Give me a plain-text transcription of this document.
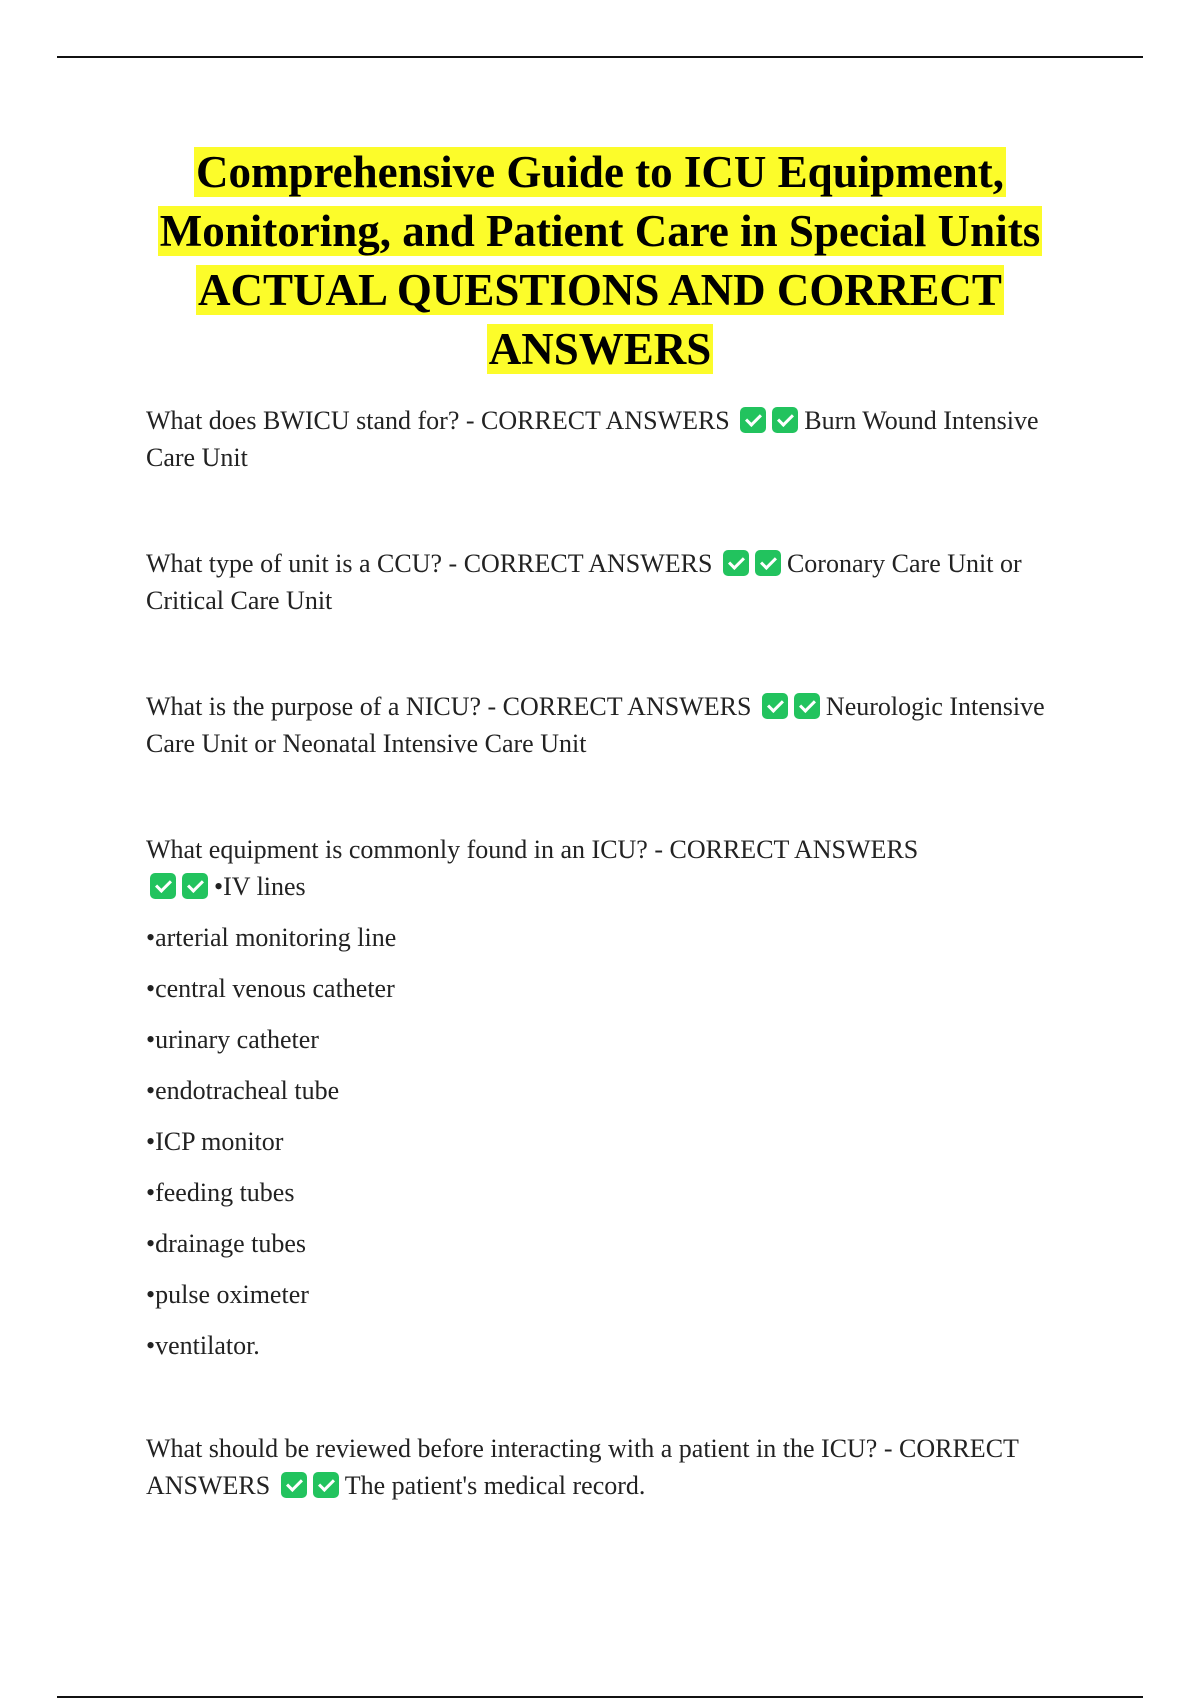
Comprehensive Guide to ICU Equipment, Monitoring, and Patient Care in Special Units ACTUAL QUESTIONS AND CORRECT ANSWERS

What does BWICU stand for? - CORRECT ANSWERS	Burn Wound Intensive Care Unit

What type of unit is a CCU? - CORRECT ANSWERS	Coronary Care Unit or Critical Care Unit

What is the purpose of a NICU? - CORRECT ANSWERS	Neurologic Intensive Care Unit or Neonatal Intensive Care Unit

What equipment is commonly found in an ICU? - CORRECT ANSWERS
•IV lines
•arterial monitoring line
•central venous catheter
•urinary catheter
•endotracheal tube
•ICP monitor
•feeding tubes
•drainage tubes
•pulse oximeter
•ventilator.

What should be reviewed before interacting with a patient in the ICU? - CORRECT ANSWERS	The patient's medical record.
